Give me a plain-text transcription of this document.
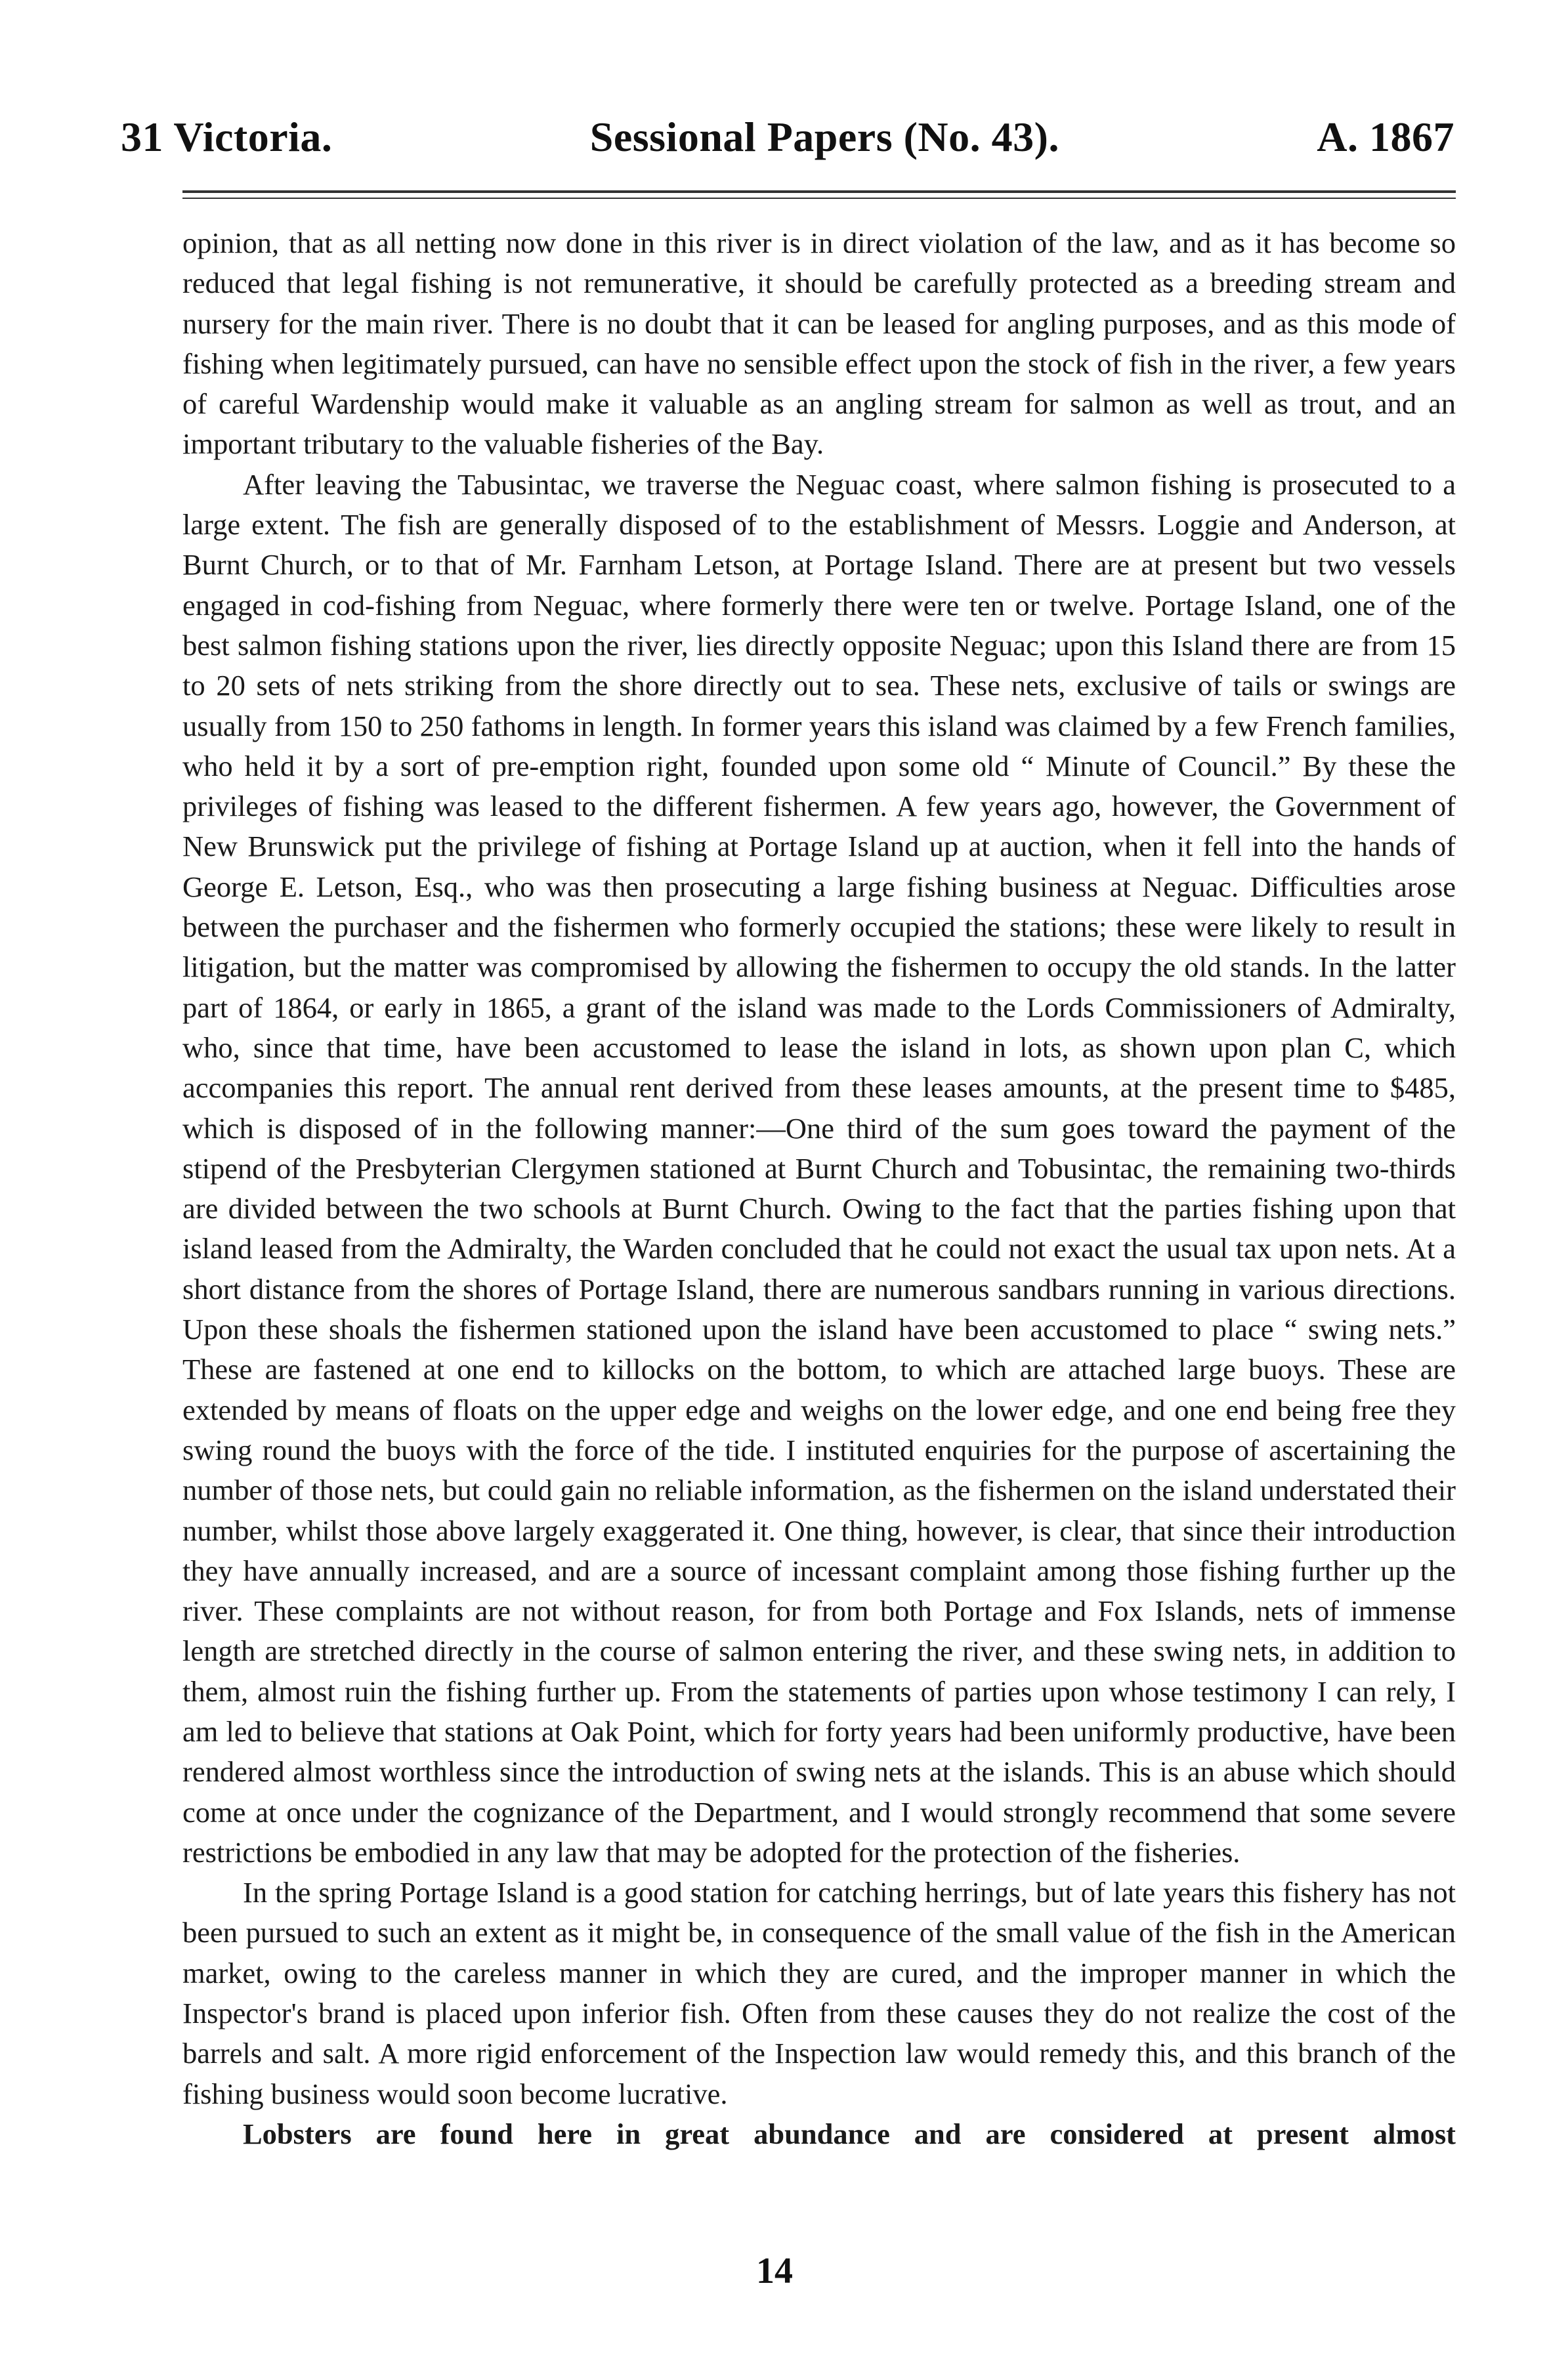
31 Victoria.	Sessional Papers (No. 43).	A. 1867

opinion, that as all netting now done in this river is in direct violation of the law, and as it has become so reduced that legal fishing is not remunerative, it should be carefully protected as a breeding stream and nursery for the main river. There is no doubt that it can be leased for angling purposes, and as this mode of fishing when legitimately pursued, can have no sensible effect upon the stock of fish in the river, a few years of careful Wardenship would make it valuable as an angling stream for salmon as well as trout, and an important tributary to the valuable fisheries of the Bay.

After leaving the Tabusintac, we traverse the Neguac coast, where salmon fishing is prosecuted to a large extent. The fish are generally disposed of to the establishment of Messrs. Loggie and Anderson, at Burnt Church, or to that of Mr. Farnham Letson, at Portage Island. There are at present but two vessels engaged in cod-fishing from Neguac, where formerly there were ten or twelve. Portage Island, one of the best salmon fishing stations upon the river, lies directly opposite Neguac; upon this Island there are from 15 to 20 sets of nets striking from the shore directly out to sea. These nets, exclusive of tails or swings are usually from 150 to 250 fathoms in length. In former years this island was claimed by a few French families, who held it by a sort of pre-emption right, founded upon some old “ Minute of Council.” By these the privileges of fishing was leased to the different fishermen. A few years ago, however, the Government of New Brunswick put the privilege of fishing at Portage Island up at auction, when it fell into the hands of George E. Letson, Esq., who was then prosecuting a large fishing business at Neguac. Difficulties arose between the purchaser and the fishermen who formerly occupied the stations; these were likely to result in litigation, but the matter was compromised by allowing the fishermen to occupy the old stands. In the latter part of 1864, or early in 1865, a grant of the island was made to the Lords Commissioners of Admiralty, who, since that time, have been accustomed to lease the island in lots, as shown upon plan C, which accompanies this report. The annual rent derived from these leases amounts, at the present time to $485, which is disposed of in the following manner:—One third of the sum goes toward the payment of the stipend of the Presbyterian Clergymen stationed at Burnt Church and Tobusintac, the remaining two-thirds are divided between the two schools at Burnt Church. Owing to the fact that the parties fishing upon that island leased from the Admiralty, the Warden concluded that he could not exact the usual tax upon nets. At a short distance from the shores of Portage Island, there are numerous sandbars running in various directions. Upon these shoals the fishermen stationed upon the island have been accustomed to place “ swing nets.” These are fastened at one end to killocks on the bottom, to which are attached large buoys. These are extended by means of floats on the upper edge and weighs on the lower edge, and one end being free they swing round the buoys with the force of the tide. I instituted enquiries for the purpose of ascertaining the number of those nets, but could gain no reliable information, as the fishermen on the island understated their number, whilst those above largely exaggerated it. One thing, however, is clear, that since their introduction they have annually increased, and are a source of incessant complaint among those fishing further up the river. These complaints are not without reason, for from both Portage and Fox Islands, nets of immense length are stretched directly in the course of salmon entering the river, and these swing nets, in addition to them, almost ruin the fishing further up. From the statements of parties upon whose testimony I can rely, I am led to believe that stations at Oak Point, which for forty years had been uniformly productive, have been rendered almost worthless since the introduction of swing nets at the islands. This is an abuse which should come at once under the cognizance of the Department, and I would strongly recommend that some severe restrictions be embodied in any law that may be adopted for the protection of the fisheries.

In the spring Portage Island is a good station for catching herrings, but of late years this fishery has not been pursued to such an extent as it might be, in consequence of the small value of the fish in the American market, owing to the careless manner in which they are cured, and the improper manner in which the Inspector's brand is placed upon inferior fish. Often from these causes they do not realize the cost of the barrels and salt. A more rigid enforcement of the Inspection law would remedy this, and this branch of the fishing business would soon become lucrative.

Lobsters are found here in great abundance and are considered at present almost

14
